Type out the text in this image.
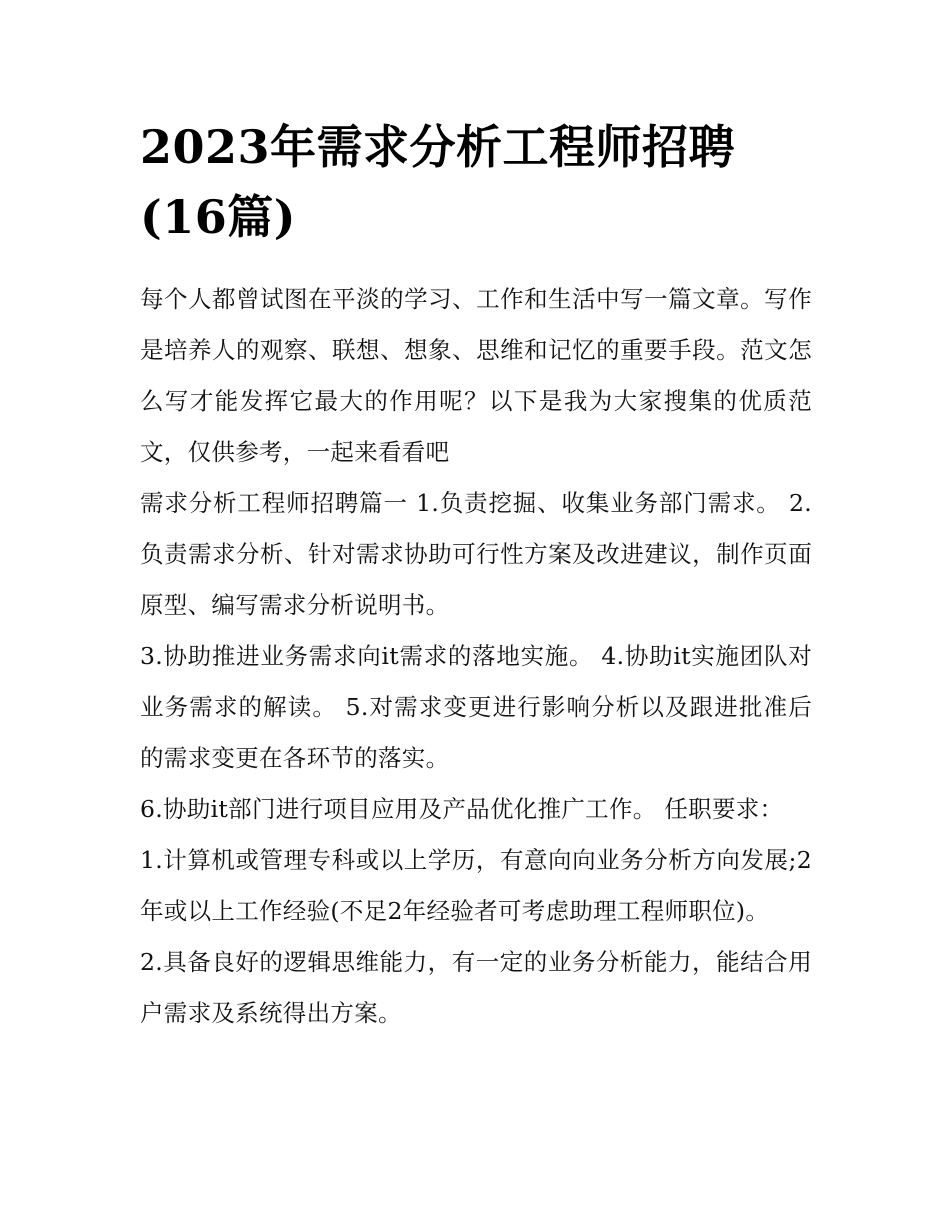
2023年需求分析工程师招聘
(16篇)

每个人都曾试图在平淡的学习、工作和生活中写一篇文章。写作是培养人的观察、联想、想象、思维和记忆的重要手段。范文怎么写才能发挥它最大的作用呢？以下是我为大家搜集的优质范文，仅供参考，一起来看看吧

需求分析工程师招聘篇一 1.负责挖掘、收集业务部门需求。 2.负责需求分析、针对需求协助可行性方案及改进建议，制作页面原型、编写需求分析说明书。

3.协助推进业务需求向it需求的落地实施。 4.协助it实施团队对业务需求的解读。 5.对需求变更进行影响分析以及跟进批准后的需求变更在各环节的落实。

6.协助it部门进行项目应用及产品优化推广工作。 任职要求：

1.计算机或管理专科或以上学历，有意向向业务分析方向发展;2年或以上工作经验(不足2年经验者可考虑助理工程师职位)。

2.具备良好的逻辑思维能力，有一定的业务分析能力，能结合用户需求及系统得出方案。
